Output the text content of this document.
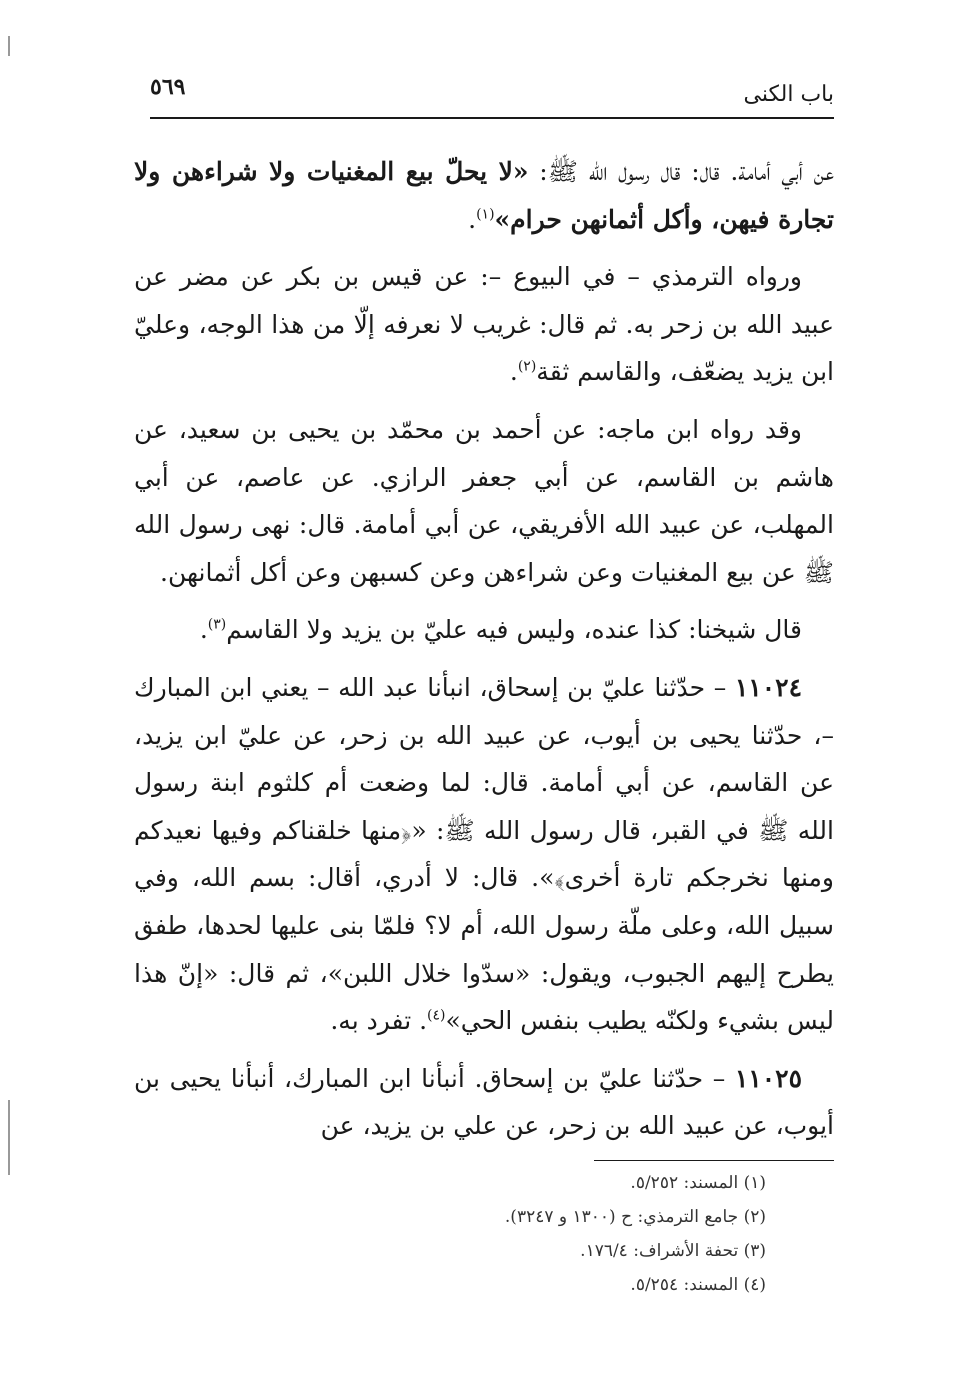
باب الكنى
٥٦٩

عن أبي أمامة. قال: قال رسول الله ﷺ: «لا يحلّ بيع المغنيات ولا شراءهن ولا تجارة فيهن، وأكل أثمانهن حرام»$^{(١)}$.

ورواه الترمذي – في البيوع –: عن قيس بن بكر عن مضر عن عبيد الله بن زحر به. ثم قال: غريب لا نعرفه إلّا من هذا الوجه، وعليّ ابن يزيد يضعّف، والقاسم ثقة$^{(٢)}$.

وقد رواه ابن ماجه: عن أحمد بن محمّد بن يحيى بن سعيد، عن هاشم بن القاسم، عن أبي جعفر الرازي. عن عاصم، عن أبي المهلب، عن عبيد الله الأفريقي، عن أبي أمامة. قال: نهى رسول الله ﷺ عن بيع المغنيات وعن شراءهن وعن كسبهن وعن أكل أثمانهن.

قال شيخنا: كذا عنده، وليس فيه عليّ بن يزيد ولا القاسم$^{(٣)}$.

١١٠٢٤ – حدّثنا عليّ بن إسحاق، انبأنا عبد الله – يعني ابن المبارك –، حدّثنا يحيى بن أيوب، عن عبيد الله بن زحر، عن عليّ ابن يزيد، عن القاسم، عن أبي أمامة. قال: لما وضعت أم كلثوم ابنة رسول الله ﷺ في القبر، قال رسول الله ﷺ: «﴿منها خلقناكم وفيها نعيدكم ومنها نخرجكم تارة أخرى﴾». قال: لا أدري، أقال: بسم الله، وفي سبيل الله، وعلى ملّة رسول الله، أم لا؟ فلمّا بنى عليها لحدها، طفق يطرح إليهم الجبوب، ويقول: «سدّوا خلال اللبن»، ثم قال: «إنّ هذا ليس بشيء ولكنّه يطيب بنفس الحي»$^{(٤)}$. تفرد به.

١١٠٢٥ – حدّثنا عليّ بن إسحاق. أنبأنا ابن المبارك، أنبأنا يحيى بن أيوب، عن عبيد الله بن زحر، عن علي بن يزيد، عن

(١) المسند: ٥/٢٥٢.
(٢) جامع الترمذي: ح (١٣٠٠ و ٣٢٤٧).
(٣) تحفة الأشراف: ١٧٦/٤.
(٤) المسند: ٥/٢٥٤.
